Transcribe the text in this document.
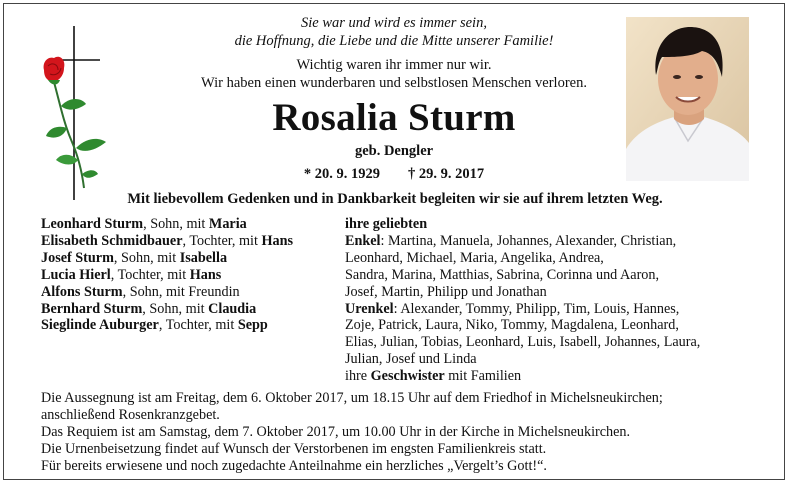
Sie war und wird es immer sein,
die Hoffnung, die Liebe und die Mitte unserer Familie!
Wichtig waren ihr immer nur wir.
Wir haben einen wunderbaren und selbstlosen Menschen verloren.
Rosalia Sturm
geb. Dengler
* 20. 9. 1929 † 29. 9. 2017
Mit liebevollem Gedenken und in Dankbarkeit begleiten wir sie auf ihrem letzten Weg.
Leonhard Sturm, Sohn, mit Maria
Elisabeth Schmidbauer, Tochter, mit Hans
Josef Sturm, Sohn, mit Isabella
Lucia Hierl, Tochter, mit Hans
Alfons Sturm, Sohn, mit Freundin
Bernhard Sturm, Sohn, mit Claudia
Sieglinde Auburger, Tochter, mit Sepp
ihre geliebten
Enkel: Martina, Manuela, Johannes, Alexander, Christian,
Leonhard, Michael, Maria, Angelika, Andrea,
Sandra, Marina, Matthias, Sabrina, Corinna und Aaron,
Josef, Martin, Philipp und Jonathan
Urenkel: Alexander, Tommy, Philipp, Tim, Louis, Hannes,
Zoje, Patrick, Laura, Niko, Tommy, Magdalena, Leonhard,
Elias, Julian, Tobias, Leonhard, Luis, Isabell, Johannes, Laura,
Julian, Josef und Linda
ihre Geschwister mit Familien
Die Aussegnung ist am Freitag, dem 6. Oktober 2017, um 18.15 Uhr auf dem Friedhof in Michelsneukirchen;
anschließend Rosenkranzgebet.
Das Requiem ist am Samstag, dem 7. Oktober 2017, um 10.00 Uhr in der Kirche in Michelsneukirchen.
Die Urnenbeisetzung findet auf Wunsch der Verstorbenen im engsten Familienkreis statt.
Für bereits erwiesene und noch zugedachte Anteilnahme ein herzliches „Vergelt’s Gott!“.
